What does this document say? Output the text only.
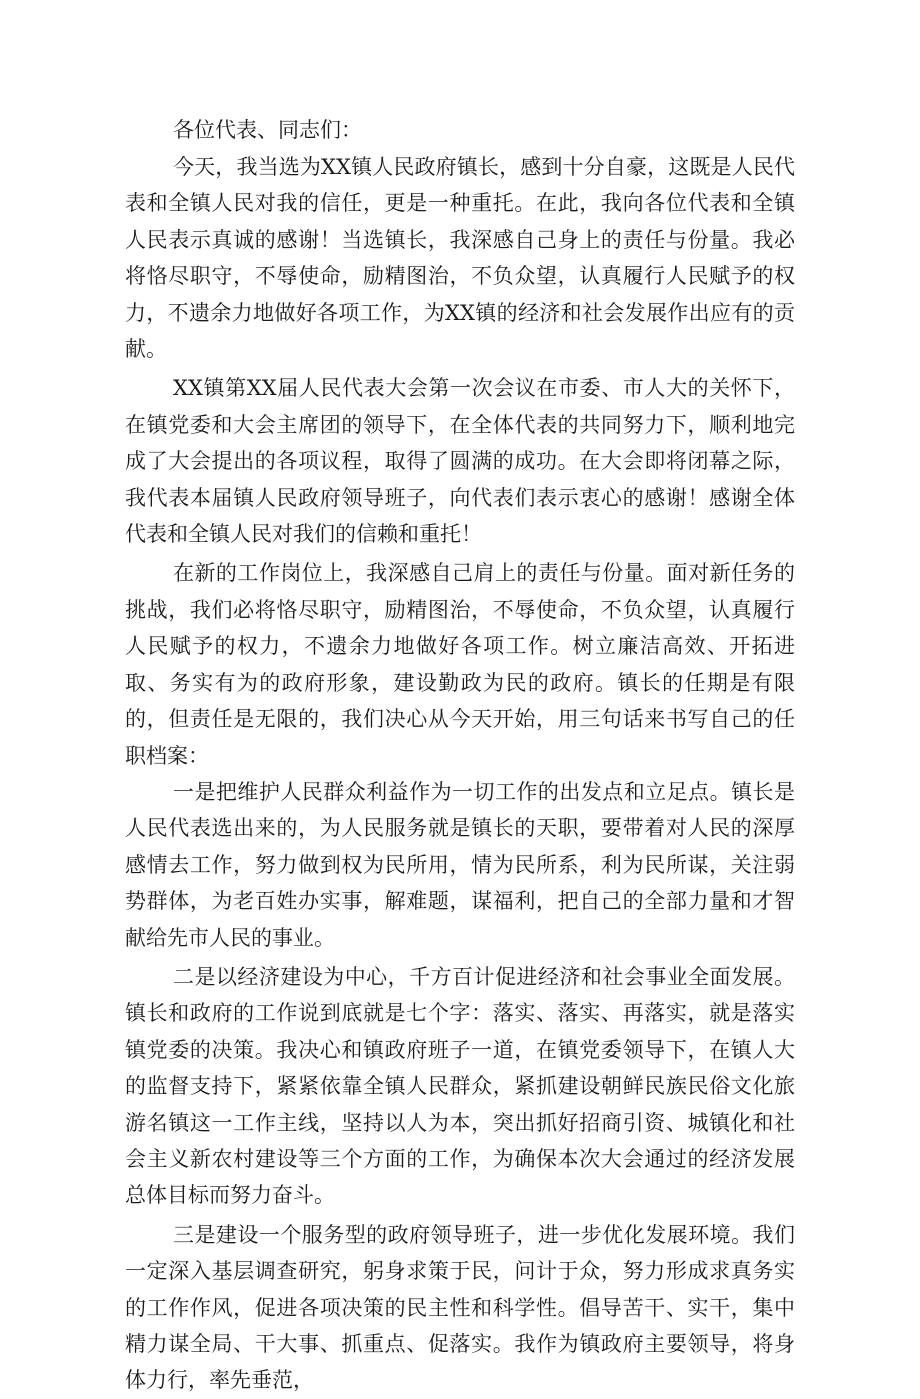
各位代表、同志们：

今天，我当选为XX镇人民政府镇长，感到十分自豪，这既是人民代表和全镇人民对我的信任，更是一种重托。在此，我向各位代表和全镇人民表示真诚的感谢！当选镇长，我深感自己身上的责任与份量。我必将恪尽职守，不辱使命，励精图治，不负众望，认真履行人民赋予的权力，不遗余力地做好各项工作，为XX镇的经济和社会发展作出应有的贡献。

XX镇第XX届人民代表大会第一次会议在市委、市人大的关怀下，在镇党委和大会主席团的领导下，在全体代表的共同努力下，顺利地完成了大会提出的各项议程，取得了圆满的成功。在大会即将闭幕之际，我代表本届镇人民政府领导班子，向代表们表示衷心的感谢！感谢全体代表和全镇人民对我们的信赖和重托！

在新的工作岗位上，我深感自己肩上的责任与份量。面对新任务的挑战，我们必将恪尽职守，励精图治，不辱使命，不负众望，认真履行人民赋予的权力，不遗余力地做好各项工作。树立廉洁高效、开拓进取、务实有为的政府形象，建设勤政为民的政府。镇长的任期是有限的，但责任是无限的，我们决心从今天开始，用三句话来书写自己的任职档案：

一是把维护人民群众利益作为一切工作的出发点和立足点。镇长是人民代表选出来的，为人民服务就是镇长的天职，要带着对人民的深厚感情去工作，努力做到权为民所用，情为民所系，利为民所谋，关注弱势群体，为老百姓办实事，解难题，谋福利，把自己的全部力量和才智献给先市人民的事业。

二是以经济建设为中心，千方百计促进经济和社会事业全面发展。镇长和政府的工作说到底就是七个字：落实、落实、再落实，就是落实镇党委的决策。我决心和镇政府班子一道，在镇党委领导下，在镇人大的监督支持下，紧紧依靠全镇人民群众，紧抓建设朝鲜民族民俗文化旅游名镇这一工作主线，坚持以人为本，突出抓好招商引资、城镇化和社会主义新农村建设等三个方面的工作，为确保本次大会通过的经济发展总体目标而努力奋斗。

三是建设一个服务型的政府领导班子，进一步优化发展环境。我们一定深入基层调查研究，躬身求策于民，问计于众，努力形成求真务实的工作作风，促进各项决策的民主性和科学性。倡导苦干、实干，集中精力谋全局、干大事、抓重点、促落实。我作为镇政府主要领导，将身体力行，率先垂范，
